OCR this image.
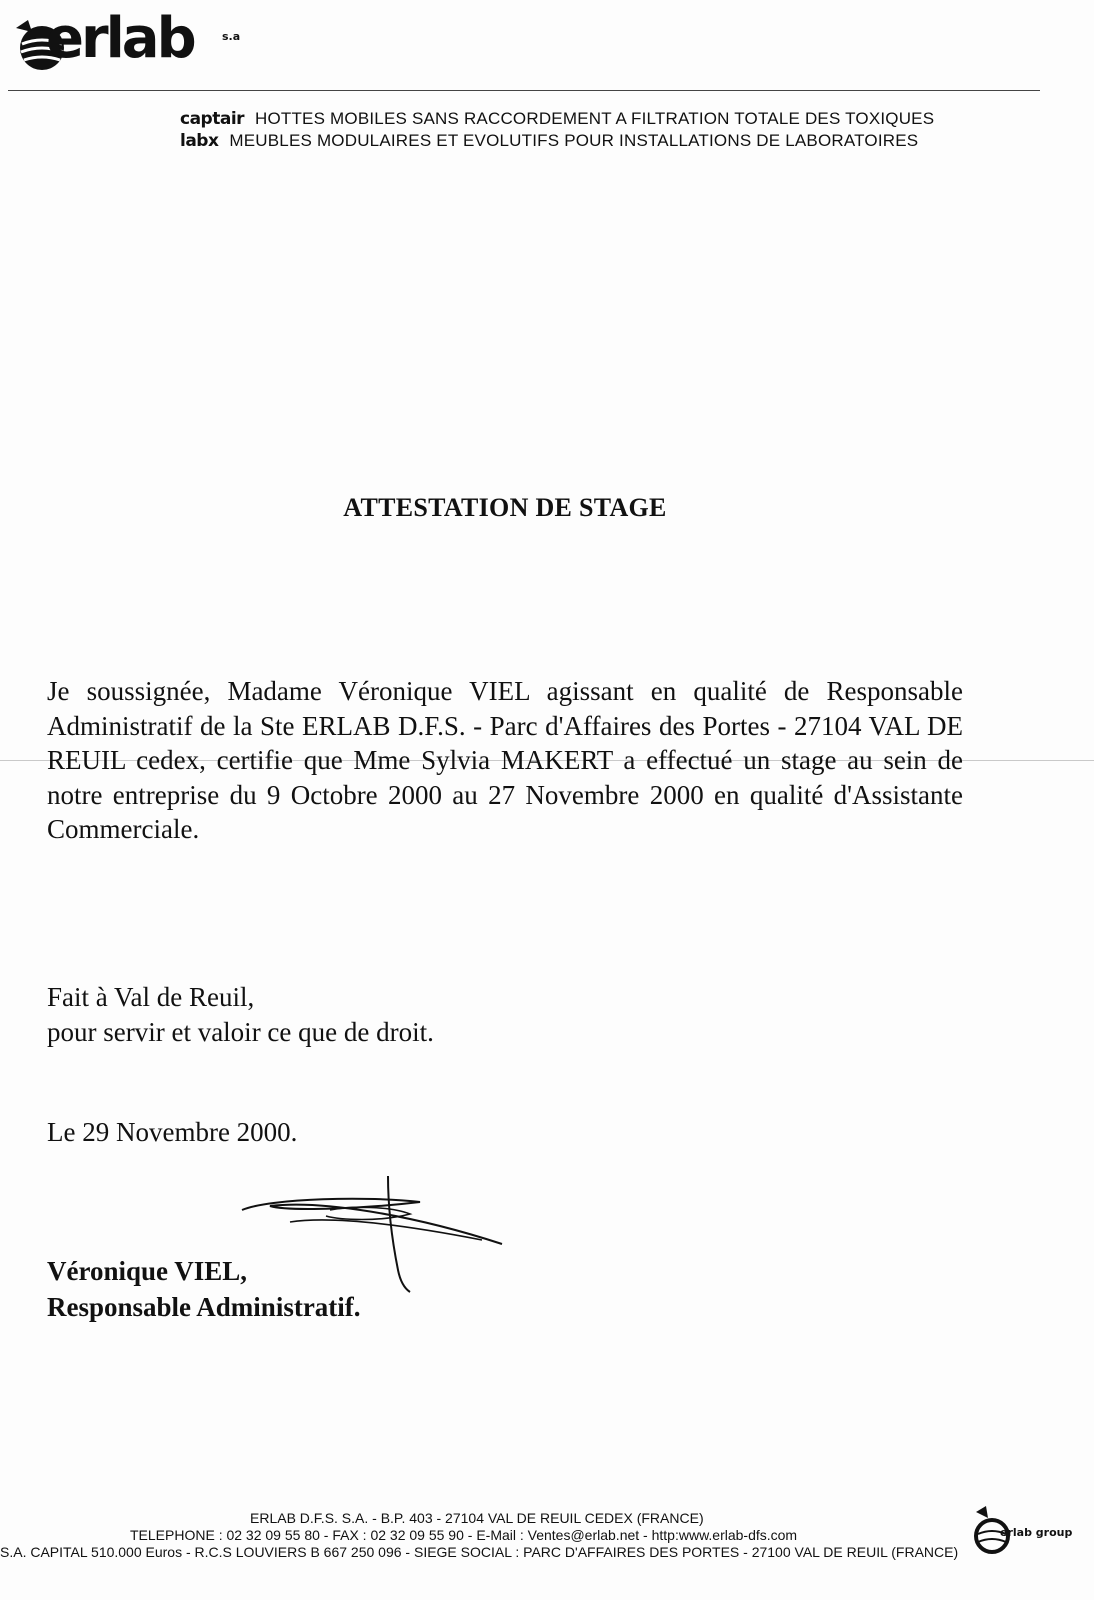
erlab	s.a
captair HOTTES MOBILES SANS RACCORDEMENT A FILTRATION TOTALE DES TOXIQUES
labx MEUBLES MODULAIRES ET EVOLUTIFS POUR INSTALLATIONS DE LABORATOIRES
ATTESTATION DE STAGE
Je soussignée, Madame Véronique VIEL agissant en qualité de Responsable Administratif de la Ste ERLAB D.F.S. - Parc d'Affaires des Portes - 27104 VAL DE REUIL cedex, certifie que Mme Sylvia MAKERT a effectué un stage au sein de notre entreprise du 9 Octobre 2000 au 27 Novembre 2000 en qualité d'Assistante Commerciale.
Fait à Val de Reuil,
pour servir et valoir ce que de droit.
Le 29 Novembre 2000.
Véronique VIEL,
Responsable Administratif.
ERLAB D.F.S. S.A. - B.P. 403 - 27104 VAL DE REUIL CEDEX (FRANCE)
TELEPHONE : 02 32 09 55 80 - FAX : 02 32 09 55 90 - E-Mail : Ventes@erlab.net - http:www.erlab-dfs.com
S.A. CAPITAL 510.000 Euros - R.C.S LOUVIERS B 667 250 096 - SIEGE SOCIAL : PARC D'AFFAIRES DES PORTES - 27100 VAL DE REUIL (FRANCE)
erlab group
